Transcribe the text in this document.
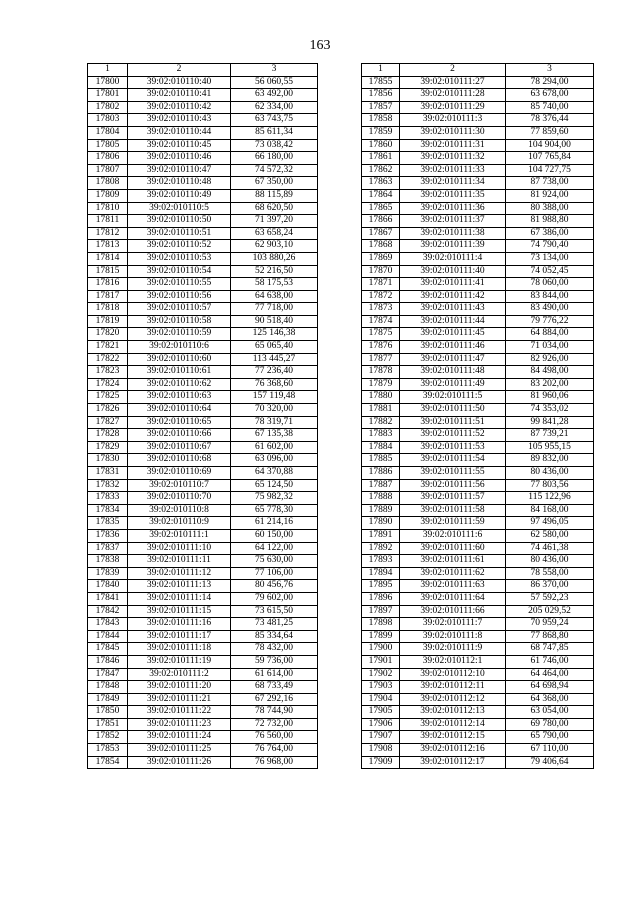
163
1	2	3
17800	39:02:010110:40	56 060,55
17801	39:02:010110:41	63 492,00
17802	39:02:010110:42	62 334,00
17803	39:02:010110:43	63 743,75
17804	39:02:010110:44	85 611,34
17805	39:02:010110:45	73 038,42
17806	39:02:010110:46	66 180,00
17807	39:02:010110:47	74 572,32
17808	39:02:010110:48	67 350,00
17809	39:02:010110:49	88 115,89
17810	39:02:010110:5	68 620,50
17811	39:02:010110:50	71 397,20
17812	39:02:010110:51	63 658,24
17813	39:02:010110:52	62 903,10
17814	39:02:010110:53	103 880,26
17815	39:02:010110:54	52 216,50
17816	39:02:010110:55	58 175,53
17817	39:02:010110:56	64 638,00
17818	39:02:010110:57	77 718,00
17819	39:02:010110:58	90 518,40
17820	39:02:010110:59	125 146,38
17821	39:02:010110:6	65 065,40
17822	39:02:010110:60	113 445,27
17823	39:02:010110:61	77 236,40
17824	39:02:010110:62	76 368,60
17825	39:02:010110:63	157 119,48
17826	39:02:010110:64	70 320,00
17827	39:02:010110:65	78 319,71
17828	39:02:010110:66	67 135,38
17829	39:02:010110:67	61 602,00
17830	39:02:010110:68	63 096,00
17831	39:02:010110:69	64 370,88
17832	39:02:010110:7	65 124,50
17833	39:02:010110:70	75 982,32
17834	39:02:010110:8	65 778,30
17835	39:02:010110:9	61 214,16
17836	39:02:010111:1	60 150,00
17837	39:02:010111:10	64 122,00
17838	39:02:010111:11	75 630,00
17839	39:02:010111:12	77 106,00
17840	39:02:010111:13	80 456,76
17841	39:02:010111:14	79 602,00
17842	39:02:010111:15	73 615,50
17843	39:02:010111:16	73 481,25
17844	39:02:010111:17	85 334,64
17845	39:02:010111:18	78 432,00
17846	39:02:010111:19	59 736,00
17847	39:02:010111:2	61 614,00
17848	39:02:010111:20	68 733,49
17849	39:02:010111:21	67 292,16
17850	39:02:010111:22	78 744,90
17851	39:02:010111:23	72 732,00
17852	39:02:010111:24	76 560,00
17853	39:02:010111:25	76 764,00
17854	39:02:010111:26	76 968,00
1	2	3
17855	39:02:010111:27	78 294,00
17856	39:02:010111:28	63 678,00
17857	39:02:010111:29	85 740,00
17858	39:02:010111:3	78 376,44
17859	39:02:010111:30	77 859,60
17860	39:02:010111:31	104 904,00
17861	39:02:010111:32	107 765,84
17862	39:02:010111:33	104 727,75
17863	39:02:010111:34	87 738,00
17864	39:02:010111:35	81 924,00
17865	39:02:010111:36	80 388,00
17866	39:02:010111:37	81 988,80
17867	39:02:010111:38	67 386,00
17868	39:02:010111:39	74 790,40
17869	39:02:010111:4	73 134,00
17870	39:02:010111:40	74 052,45
17871	39:02:010111:41	78 060,00
17872	39:02:010111:42	83 844,00
17873	39:02:010111:43	83 490,00
17874	39:02:010111:44	79 776,22
17875	39:02:010111:45	64 884,00
17876	39:02:010111:46	71 034,00
17877	39:02:010111:47	82 926,00
17878	39:02:010111:48	84 498,00
17879	39:02:010111:49	83 202,00
17880	39:02:010111:5	81 960,06
17881	39:02:010111:50	74 353,02
17882	39:02:010111:51	99 841,28
17883	39:02:010111:52	87 739,21
17884	39:02:010111:53	105 955,15
17885	39:02:010111:54	89 832,00
17886	39:02:010111:55	80 436,00
17887	39:02:010111:56	77 803,56
17888	39:02:010111:57	115 122,96
17889	39:02:010111:58	84 168,00
17890	39:02:010111:59	97 496,05
17891	39:02:010111:6	62 580,00
17892	39:02:010111:60	74 461,38
17893	39:02:010111:61	80 436,00
17894	39:02:010111:62	78 558,00
17895	39:02:010111:63	86 370,00
17896	39:02:010111:64	57 592,23
17897	39:02:010111:66	205 029,52
17898	39:02:010111:7	70 959,24
17899	39:02:010111:8	77 868,80
17900	39:02:010111:9	68 747,85
17901	39:02:010112:1	61 746,00
17902	39:02:010112:10	64 464,00
17903	39:02:010112:11	64 698,94
17904	39:02:010112:12	64 368,00
17905	39:02:010112:13	63 054,00
17906	39:02:010112:14	69 780,00
17907	39:02:010112:15	65 790,00
17908	39:02:010112:16	67 110,00
17909	39:02:010112:17	79 406,64
